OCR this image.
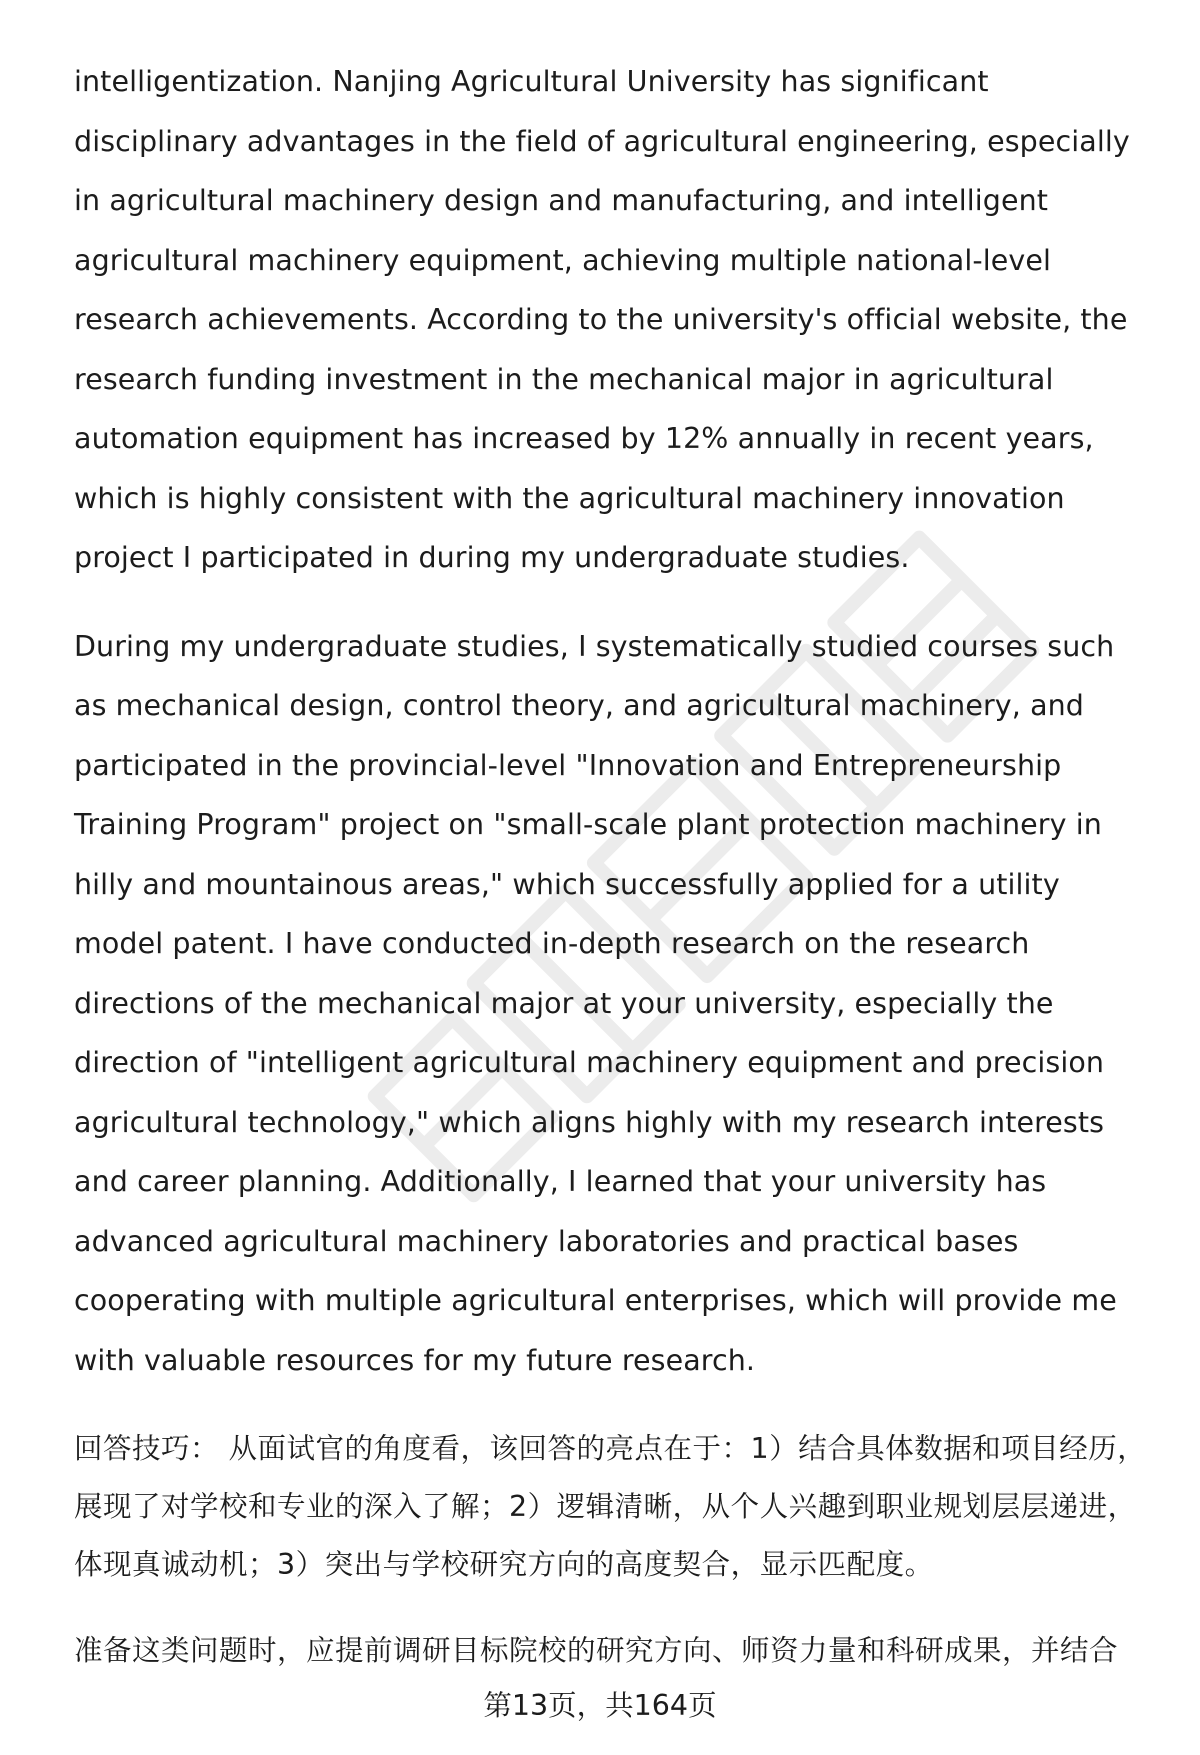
intelligentization. Nanjing Agricultural University has significant disciplinary advantages in the field of agricultural engineering, especially in agricultural machinery design and manufacturing, and intelligent agricultural machinery equipment, achieving multiple national-level research achievements. According to the university's official website, the research funding investment in the mechanical major in agricultural automation equipment has increased by 12% annually in recent years, which is highly consistent with the agricultural machinery innovation project I participated in during my undergraduate studies.

During my undergraduate studies, I systematically studied courses such as mechanical design, control theory, and agricultural machinery, and participated in the provincial-level "Innovation and Entrepreneurship Training Program" project on "small-scale plant protection machinery in hilly and mountainous areas," which successfully applied for a utility model patent. I have conducted in-depth research on the research directions of the mechanical major at your university, especially the direction of "intelligent agricultural machinery equipment and precision agricultural technology," which aligns highly with my research interests and career planning. Additionally, I learned that your university has advanced agricultural machinery laboratories and practical bases cooperating with multiple agricultural enterprises, which will provide me with valuable resources for my future research.

回答技巧： 从面试官的角度看，该回答的亮点在于：1）结合具体数据和项目经历，展现了对学校和专业的深入了解；2）逻辑清晰，从个人兴趣到职业规划层层递进，体现真诚动机；3）突出与学校研究方向的高度契合，显示匹配度。

准备这类问题时，应提前调研目标院校的研究方向、师资力量和科研成果，并结合

第13页，共164页
